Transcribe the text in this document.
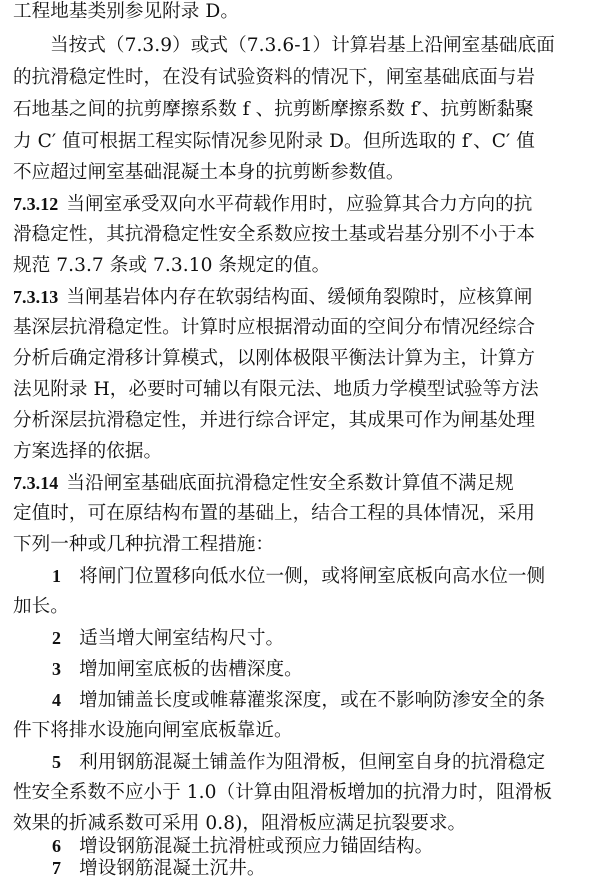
工程地基类别参见附录 D。
当按式（7.3.9）或式（7.3.6-1）计算岩基上沿闸室基础底面
的抗滑稳定性时，在没有试验资料的情况下，闸室基础底面与岩
石地基之间的抗剪摩擦系数 f 、抗剪断摩擦系数 f′、抗剪断黏聚
力 C′ 值可根据工程实际情况参见附录 D。但所选取的 f′、C′ 值
不应超过闸室基础混凝土本身的抗剪断参数值。
7.3.12 当闸室承受双向水平荷载作用时，应验算其合力方向的抗
滑稳定性，其抗滑稳定性安全系数应按土基或岩基分别不小于本
规范 7.3.7 条或 7.3.10 条规定的值。
7.3.13 当闸基岩体内存在软弱结构面、缓倾角裂隙时，应核算闸
基深层抗滑稳定性。计算时应根据滑动面的空间分布情况经综合
分析后确定滑移计算模式，以刚体极限平衡法计算为主，计算方
法见附录 H，必要时可辅以有限元法、地质力学模型试验等方法
分析深层抗滑稳定性，并进行综合评定，其成果可作为闸基处理
方案选择的依据。
7.3.14 当沿闸室基础底面抗滑稳定性安全系数计算值不满足规
定值时，可在原结构布置的基础上，结合工程的具体情况，采用
下列一种或几种抗滑工程措施：
1 将闸门位置移向低水位一侧，或将闸室底板向高水位一侧
加长。
2 适当增大闸室结构尺寸。
3 增加闸室底板的齿槽深度。
4 增加铺盖长度或帷幕灌浆深度，或在不影响防渗安全的条
件下将排水设施向闸室底板靠近。
5 利用钢筋混凝土铺盖作为阻滑板，但闸室自身的抗滑稳定
性安全系数不应小于 1.0（计算由阻滑板增加的抗滑力时，阻滑板
效果的折减系数可采用 0.8)，阻滑板应满足抗裂要求。
6 增设钢筋混凝土抗滑桩或预应力锚固结构。
7 增设钢筋混凝土沉井。
